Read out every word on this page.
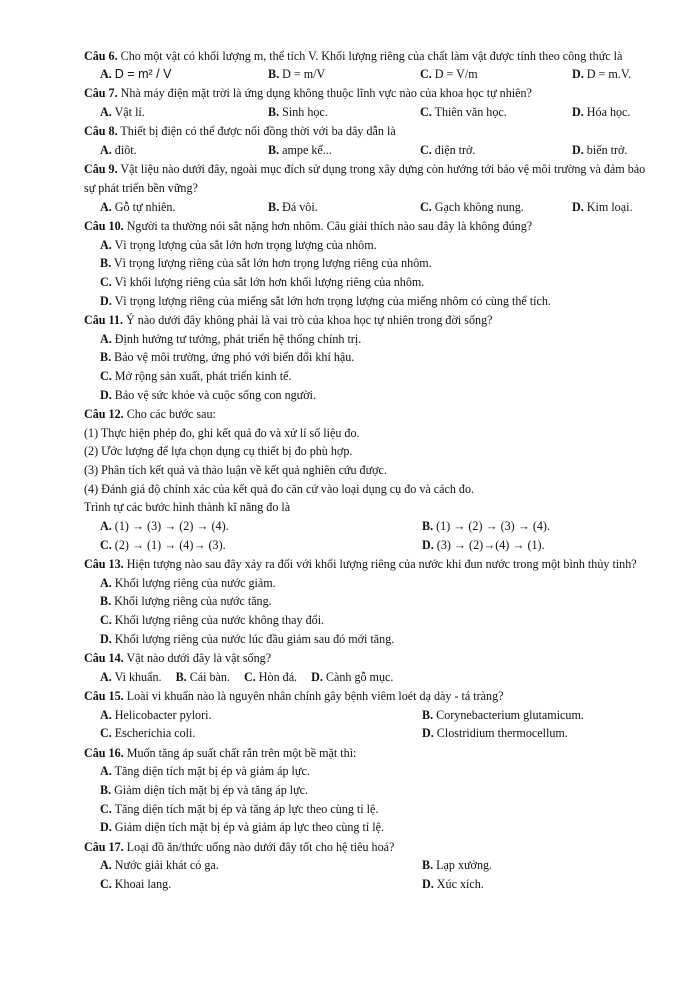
Câu 6. Cho một vật có khối lượng m, thể tích V. Khối lượng riêng của chất làm vật được tính theo công thức là
A. D = m² / V	B. D = m/V	C. D = V/m	D. D = m.V.
Câu 7. Nhà máy điện mặt trời là ứng dụng không thuộc lĩnh vực nào của khoa học tự nhiên?
A. Vật lí.	B. Sinh học.	C. Thiên văn học.	D. Hóa học.
Câu 8. Thiết bị điện có thể được nối đồng thời với ba dây dẫn là
A. điôt.	B. ampe kế...	C. điện trở.	D. biến trở.
Câu 9. Vật liệu nào dưới đây, ngoài mục đích sử dụng trong xây dựng còn hướng tới bảo vệ môi trường và đảm bảo sự phát triển bền vững?
A. Gỗ tự nhiên.	B. Đá vôi.	C. Gạch không nung.	D. Kim loại.
Câu 10. Người ta thường nói sắt nặng hơn nhôm. Câu giải thích nào sau đây là không đúng?
A. Vì trọng lượng của sắt lớn hơn trọng lượng của nhôm.
B. Vì trọng lượng riêng của sắt lớn hơn trọng lượng riêng của nhôm.
C. Vì khối lượng riêng của sắt lớn hơn khối lượng riêng của nhôm.
D. Vì trọng lượng riêng của miếng sắt lớn hơn trọng lượng của miếng nhôm có cùng thể tích.
Câu 11. Ý nào dưới đây không phải là vai trò của khoa học tự nhiên trong đời sống?
A. Định hướng tư tưởng, phát triển hệ thống chính trị.
B. Bảo vệ môi trường, ứng phó với biến đổi khí hậu.
C. Mở rộng sản xuất, phát triển kinh tế.
D. Bảo vệ sức khỏe và cuộc sống con người.
Câu 12. Cho các bước sau:
(1) Thực hiện phép đo, ghi kết quả đo và xử lí số liệu đo.
(2) Ước lượng để lựa chọn dụng cụ thiết bị đo phù hợp.
(3) Phân tích kết quả và thảo luận về kết quả nghiên cứu được.
(4) Đánh giá độ chính xác của kết quả đo căn cứ vào loại dụng cụ đo và cách đo.
Trình tự các bước hình thành kĩ năng đo là
A. (1) → (3) → (2) → (4).	B. (1) → (2) → (3) → (4).
C. (2) → (1) → (4)→ (3).	D. (3) → (2)→(4) → (1).
Câu 13. Hiện tượng nào sau đây xảy ra đối với khối lượng riêng của nước khi đun nước trong một bình thủy tinh?
A. Khối lượng riêng của nước giảm.
B. Khối lượng riêng của nước tăng.
C. Khối lượng riêng của nước không thay đổi.
D. Khối lượng riêng của nước lúc đầu giảm sau đó mới tăng.
Câu 14. Vật nào dưới đây là vật sống?
A. Vi khuẩn. B. Cái bàn. C. Hòn đá. D. Cành gỗ mục.
Câu 15. Loài vi khuẩn nào là nguyên nhân chính gây bệnh viêm loét dạ dày - tá tràng?
A. Helicobacter pylori.	B. Corynebacterium glutamicum.
C. Escherichia coli.	D. Clostridium thermocellum.
Câu 16. Muốn tăng áp suất chất rắn trên một bề mặt thì:
A. Tăng diện tích mặt bị ép và giảm áp lực.
B. Giảm diện tích mặt bị ép và tăng áp lực.
C. Tăng diện tích mặt bị ép và tăng áp lực theo cùng tỉ lệ.
D. Giảm diện tích mặt bị ép và giảm áp lực theo cùng tỉ lệ.
Câu 17. Loại đồ ăn/thức uống nào dưới đây tốt cho hệ tiêu hoá?
A. Nước giải khát có ga.	B. Lạp xưởng.
C. Khoai lang.	D. Xúc xích.
